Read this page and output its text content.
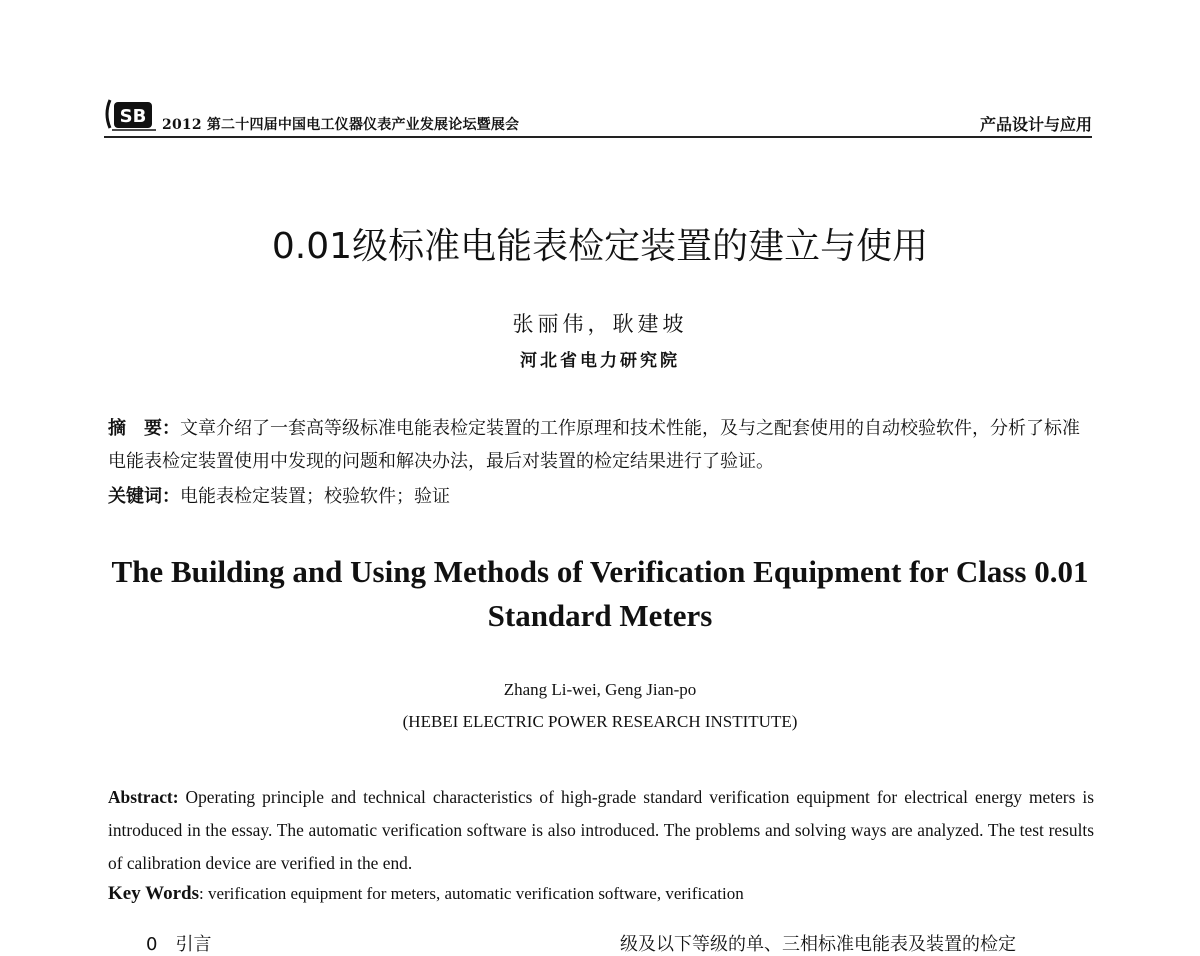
SB 2012 第二十四届中国电工仪器仪表产业发展论坛暨展会	产品设计与应用
0.01级标准电能表检定装置的建立与使用
张丽伟，耿建坡
河北省电力研究院
摘　要：文章介绍了一套高等级标准电能表检定装置的工作原理和技术性能，及与之配套使用的自动校验软件，分析了标准电能表检定装置使用中发现的问题和解决办法，最后对装置的检定结果进行了验证。
关键词：电能表检定装置；校验软件；验证
The Building and Using Methods of Verification Equipment for Class 0.01 Standard Meters
Zhang Li-wei, Geng Jian-po
(HEBEI ELECTRIC POWER RESEARCH INSTITUTE)
Abstract: Operating principle and technical characteristics of high-grade standard verification equipment for electrical energy meters is introduced in the essay. The automatic verification software is also introduced. The problems and solving ways are analyzed. The test results of calibration device are verified in the end.
Key Words: verification equipment for meters, automatic verification software, verification
0 引言	级及以下等级的单、三相标准电能表及装置的检定
